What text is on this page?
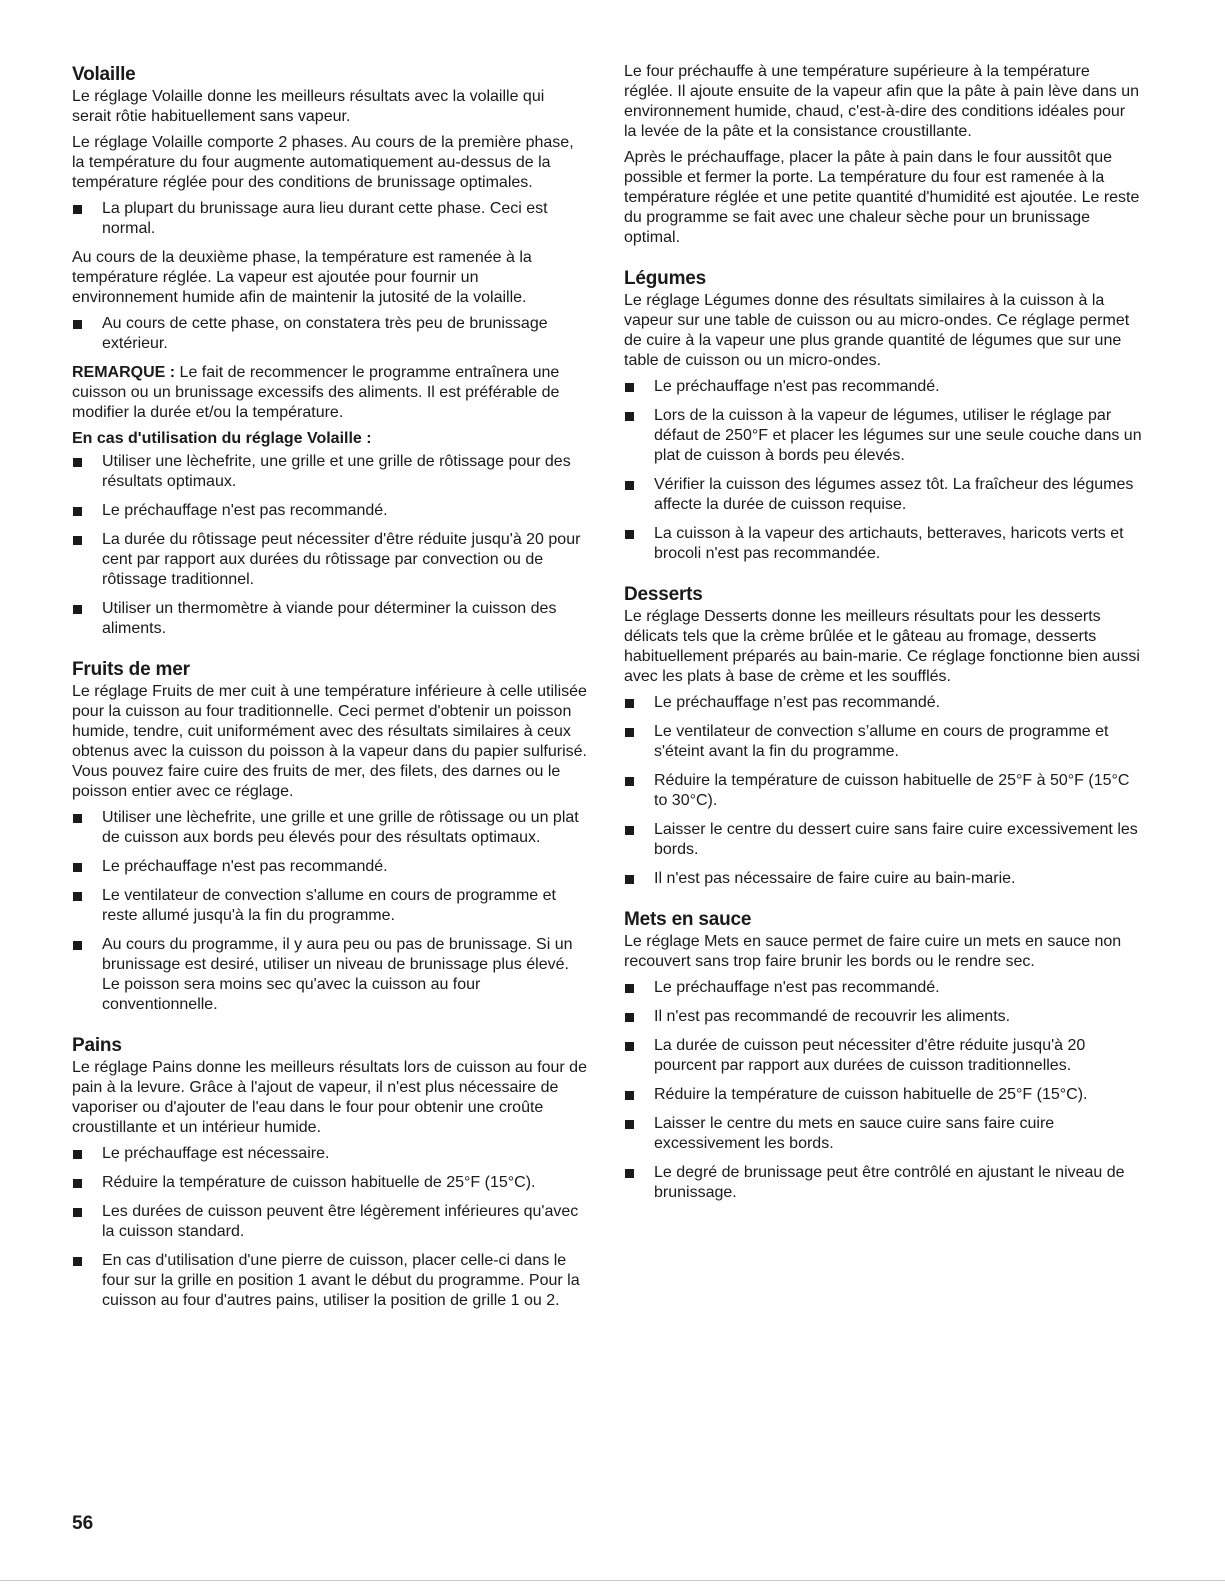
Volaille

Le réglage Volaille donne les meilleurs résultats avec la volaille qui serait rôtie habituellement sans vapeur.

Le réglage Volaille comporte 2 phases. Au cours de la première phase, la température du four augmente automatiquement au-dessus de la température réglée pour des conditions de brunissage optimales.

La plupart du brunissage aura lieu durant cette phase. Ceci est normal.

Au cours de la deuxième phase, la température est ramenée à la température réglée. La vapeur est ajoutée pour fournir un environnement humide afin de maintenir la jutosité de la volaille.

Au cours de cette phase, on constatera très peu de brunissage extérieur.

REMARQUE : Le fait de recommencer le programme entraînera une cuisson ou un brunissage excessifs des aliments. Il est préférable de modifier la durée et/ou la température.

En cas d'utilisation du réglage Volaille :

Utiliser une lèchefrite, une grille et une grille de rôtissage pour des résultats optimaux.
Le préchauffage n'est pas recommandé.
La durée du rôtissage peut nécessiter d'être réduite jusqu'à 20 pour cent par rapport aux durées du rôtissage par convection ou de rôtissage traditionnel.
Utiliser un thermomètre à viande pour déterminer la cuisson des aliments.
Fruits de mer

Le réglage Fruits de mer cuit à une température inférieure à celle utilisée pour la cuisson au four traditionnelle. Ceci permet d'obtenir un poisson humide, tendre, cuit uniformément avec des résultats similaires à ceux obtenus avec la cuisson du poisson à la vapeur dans du papier sulfurisé. Vous pouvez faire cuire des fruits de mer, des filets, des darnes ou le poisson entier avec ce réglage.

Utiliser une lèchefrite, une grille et une grille de rôtissage ou un plat de cuisson aux bords peu élevés pour des résultats optimaux.
Le préchauffage n'est pas recommandé.
Le ventilateur de convection s'allume en cours de programme et reste allumé jusqu'à la fin du programme.
Au cours du programme, il y aura peu ou pas de brunissage. Si un brunissage est desiré, utiliser un niveau de brunissage plus élevé. Le poisson sera moins sec qu'avec la cuisson au four conventionnelle.
Pains

Le réglage Pains donne les meilleurs résultats lors de cuisson au four de pain à la levure. Grâce à l'ajout de vapeur, il n'est plus nécessaire de vaporiser ou d'ajouter de l'eau dans le four pour obtenir une croûte croustillante et un intérieur humide.

Le préchauffage est nécessaire.
Réduire la température de cuisson habituelle de 25°F (15°C).
Les durées de cuisson peuvent être légèrement inférieures qu'avec la cuisson standard.
En cas d'utilisation d'une pierre de cuisson, placer celle-ci dans le four sur la grille en position 1 avant le début du programme. Pour la cuisson au four d'autres pains, utiliser la position de grille 1 ou 2.

Le four préchauffe à une température supérieure à la température réglée. Il ajoute ensuite de la vapeur afin que la pâte à pain lève dans un environnement humide, chaud, c'est-à-dire des conditions idéales pour la levée de la pâte et la consistance croustillante.

Après le préchauffage, placer la pâte à pain dans le four aussitôt que possible et fermer la porte. La température du four est ramenée à la température réglée et une petite quantité d'humidité est ajoutée. Le reste du programme se fait avec une chaleur sèche pour un brunissage optimal.

Légumes

Le réglage Légumes donne des résultats similaires à la cuisson à la vapeur sur une table de cuisson ou au micro-ondes. Ce réglage permet de cuire à la vapeur une plus grande quantité de légumes que sur une table de cuisson ou un micro-ondes.

Le préchauffage n'est pas recommandé.
Lors de la cuisson à la vapeur de légumes, utiliser le réglage par défaut de 250°F et placer les légumes sur une seule couche dans un plat de cuisson à bords peu élevés.
Vérifier la cuisson des légumes assez tôt. La fraîcheur des légumes affecte la durée de cuisson requise.
La cuisson à la vapeur des artichauts, betteraves, haricots verts et brocoli n'est pas recommandée.
Desserts

Le réglage Desserts donne les meilleurs résultats pour les desserts délicats tels que la crème brûlée et le gâteau au fromage, desserts habituellement préparés au bain-marie. Ce réglage fonctionne bien aussi avec les plats à base de crème et les soufflés.

Le préchauffage n’est pas recommandé.
Le ventilateur de convection s’allume en cours de programme et s'éteint avant la fin du programme.
Réduire la température de cuisson habituelle de 25°F à 50°F (15°C to 30°C).
Laisser le centre du dessert cuire sans faire cuire excessivement les bords.
Il n'est pas nécessaire de faire cuire au bain-marie.
Mets en sauce

Le réglage Mets en sauce permet de faire cuire un mets en sauce non recouvert sans trop faire brunir les bords ou le rendre sec.

Le préchauffage n'est pas recommandé.
Il n'est pas recommandé de recouvrir les aliments.
La durée de cuisson peut nécessiter d'être réduite jusqu'à 20 pourcent par rapport aux durées de cuisson traditionnelles.
Réduire la température de cuisson habituelle de 25°F (15°C).
Laisser le centre du mets en sauce cuire sans faire cuire excessivement les bords.
Le degré de brunissage peut être contrôlé en ajustant le niveau de brunissage.
56
